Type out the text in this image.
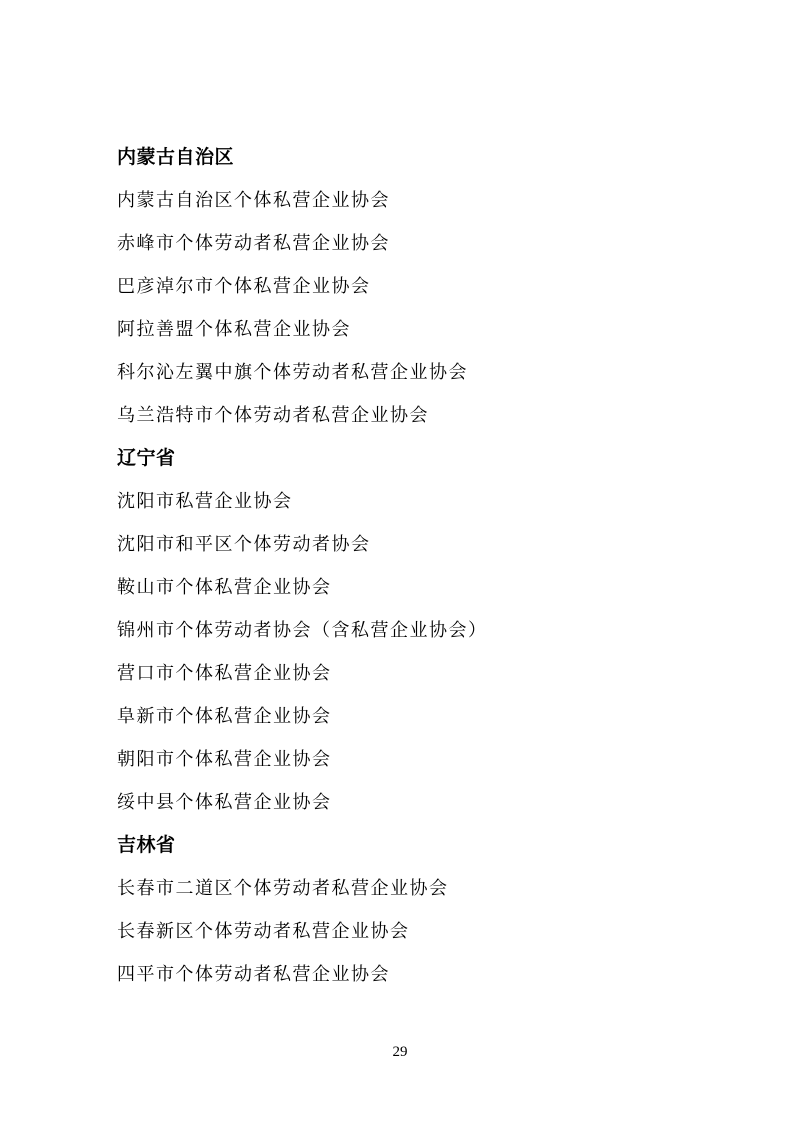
内蒙古自治区
内蒙古自治区个体私营企业协会
赤峰市个体劳动者私营企业协会
巴彦淖尔市个体私营企业协会
阿拉善盟个体私营企业协会
科尔沁左翼中旗个体劳动者私营企业协会
乌兰浩特市个体劳动者私营企业协会
辽宁省
沈阳市私营企业协会
沈阳市和平区个体劳动者协会
鞍山市个体私营企业协会
锦州市个体劳动者协会（含私营企业协会）
营口市个体私营企业协会
阜新市个体私营企业协会
朝阳市个体私营企业协会
绥中县个体私营企业协会
吉林省
长春市二道区个体劳动者私营企业协会
长春新区个体劳动者私营企业协会
四平市个体劳动者私营企业协会
29
